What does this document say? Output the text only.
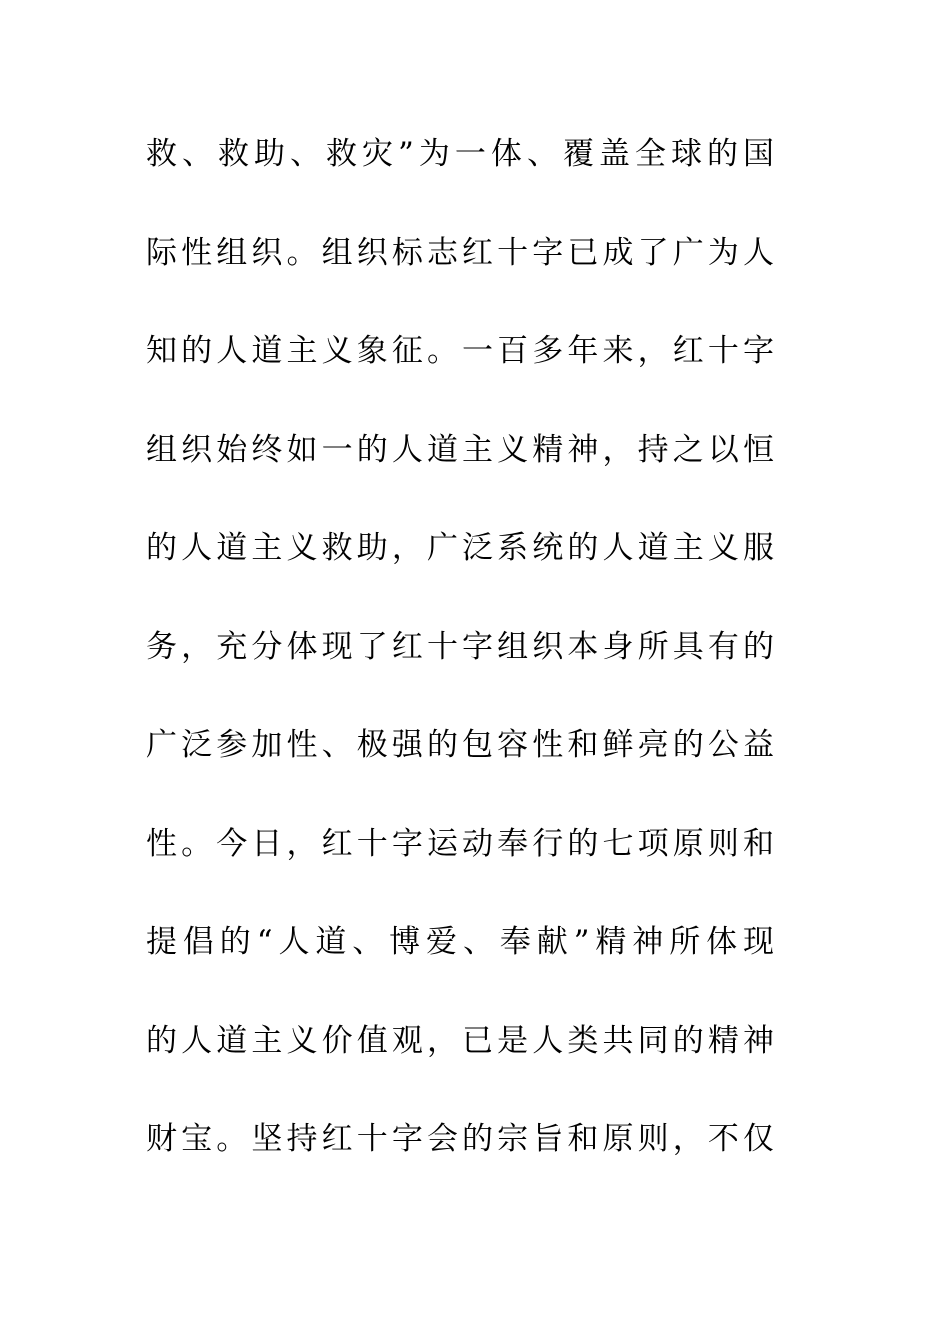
救、救助、救灾”为一体、覆盖全球的国
际性组织。组织标志红十字已成了广为人
知的人道主义象征。一百多年来，红十字
组织始终如一的人道主义精神，持之以恒
的人道主义救助，广泛系统的人道主义服
务，充分体现了红十字组织本身所具有的
广泛参加性、极强的包容性和鲜亮的公益
性。今日，红十字运动奉行的七项原则和
提倡的“人道、博爱、奉献”精神所体现
的人道主义价值观，已是人类共同的精神
财宝。坚持红十字会的宗旨和原则，不仅
